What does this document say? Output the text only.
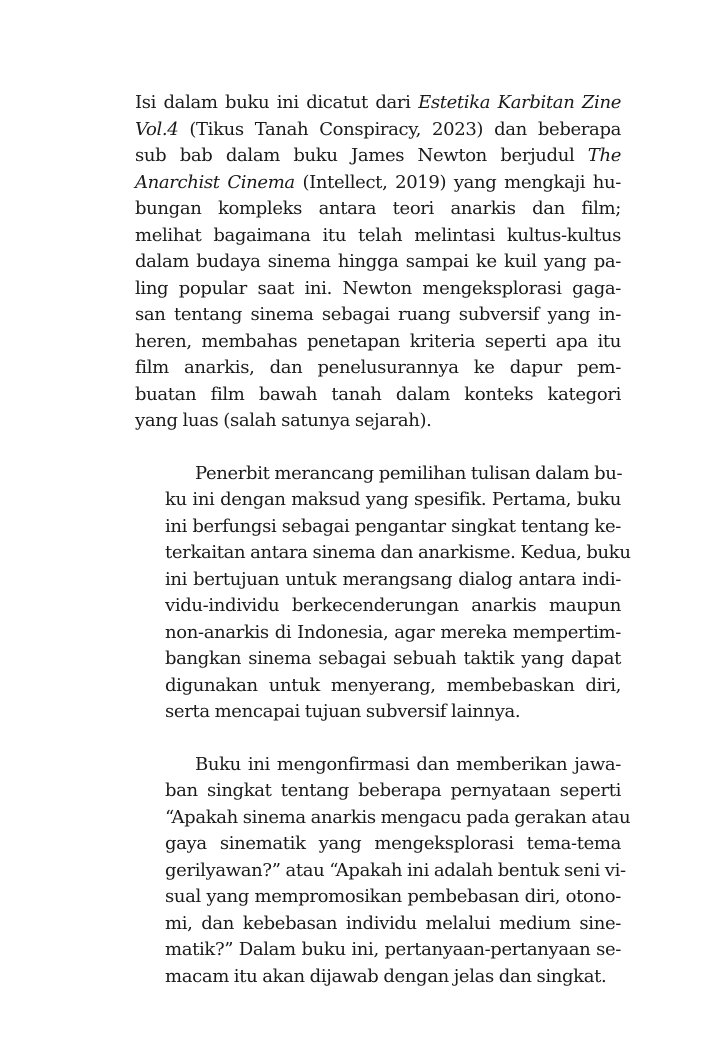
Isi dalam buku ini dicatut dari Estetika Karbitan Zine
Vol.4 (Tikus Tanah Conspiracy, 2023) dan beberapa
sub bab dalam buku James Newton berjudul The
Anarchist Cinema (Intellect, 2019) yang mengkaji hu-
bungan kompleks antara teori anarkis dan film;
melihat bagaimana itu telah melintasi kultus-kultus
dalam budaya sinema hingga sampai ke kuil yang pa-
ling popular saat ini. Newton mengeksplorasi gaga-
san tentang sinema sebagai ruang subversif yang in-
heren, membahas penetapan kriteria seperti apa itu
film anarkis, dan penelusurannya ke dapur pem-
buatan film bawah tanah dalam konteks kategori
yang luas (salah satunya sejarah).
Penerbit merancang pemilihan tulisan dalam bu-
ku ini dengan maksud yang spesifik. Pertama, buku
ini berfungsi sebagai pengantar singkat tentang ke-
terkaitan antara sinema dan anarkisme. Kedua, buku
ini bertujuan untuk merangsang dialog antara indi-
vidu-individu berkecenderungan anarkis maupun
non-anarkis di Indonesia, agar mereka mempertim-
bangkan sinema sebagai sebuah taktik yang dapat
digunakan untuk menyerang, membebaskan diri,
serta mencapai tujuan subversif lainnya.
Buku ini mengonfirmasi dan memberikan jawa-
ban singkat tentang beberapa pernyataan seperti
“Apakah sinema anarkis mengacu pada gerakan atau
gaya sinematik yang mengeksplorasi tema-tema
gerilyawan?” atau “Apakah ini adalah bentuk seni vi-
sual yang mempromosikan pembebasan diri, otono-
mi, dan kebebasan individu melalui medium sine-
matik?” Dalam buku ini, pertanyaan-pertanyaan se-
macam itu akan dijawab dengan jelas dan singkat.
